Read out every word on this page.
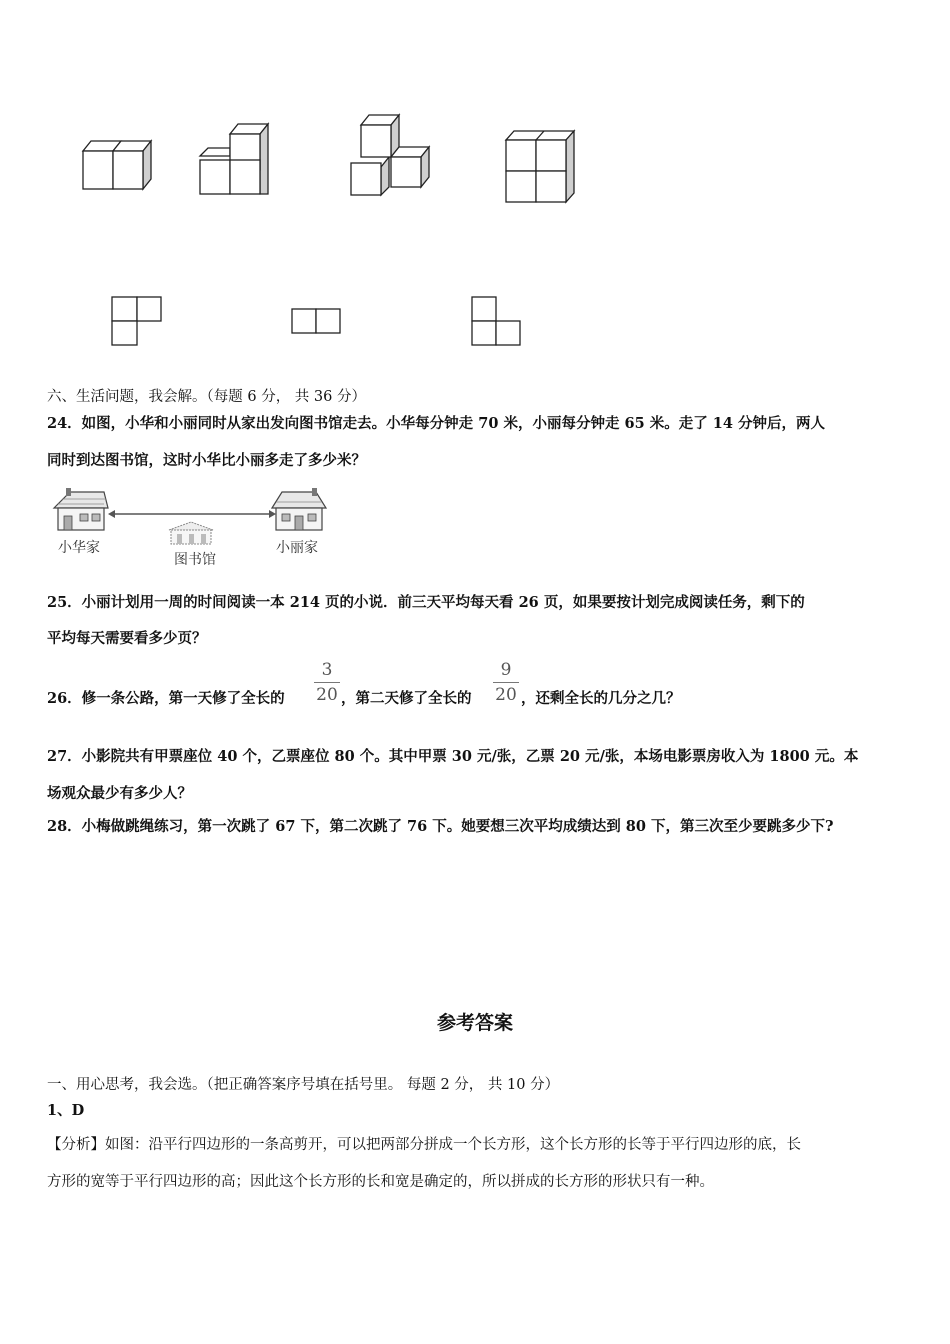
六、生活问题，我会解。（每题 6 分， 共 36 分）
24．如图，小华和小丽同时从家出发向图书馆走去。小华每分钟走 70 米，小丽每分钟走 65 米。走了 14 分钟后，两人
同时到达图书馆，这时小华比小丽多走了多少米？
小华家
图书馆
小丽家
25．小丽计划用一周的时间阅读一本 214 页的小说．前三天平均每天看 26 页，如果要按计划完成阅读任务，剩下的
平均每天需要看多少页？
26．修一条公路，第一天修了全长的
3
20 ，第二天修了全长的
9
20 ，还剩全长的几分之几？
27．小影院共有甲票座位 40 个，乙票座位 80 个。其中甲票 30 元/张，乙票 20 元/张，本场电影票房收入为 1800 元。本
场观众最少有多少人？
28．小梅做跳绳练习，第一次跳了 67 下，第二次跳了 76 下。她要想三次平均成绩达到 80 下，第三次至少要跳多少下?
参考答案
一、用心思考，我会选。（把正确答案序号填在括号里。 每题 2 分， 共 10 分）
1、D
【分析】如图：沿平行四边形的一条高剪开，可以把两部分拼成一个长方形，这个长方形的长等于平行四边形的底，长
方形的宽等于平行四边形的高；因此这个长方形的长和宽是确定的，所以拼成的长方形的形状只有一种。
